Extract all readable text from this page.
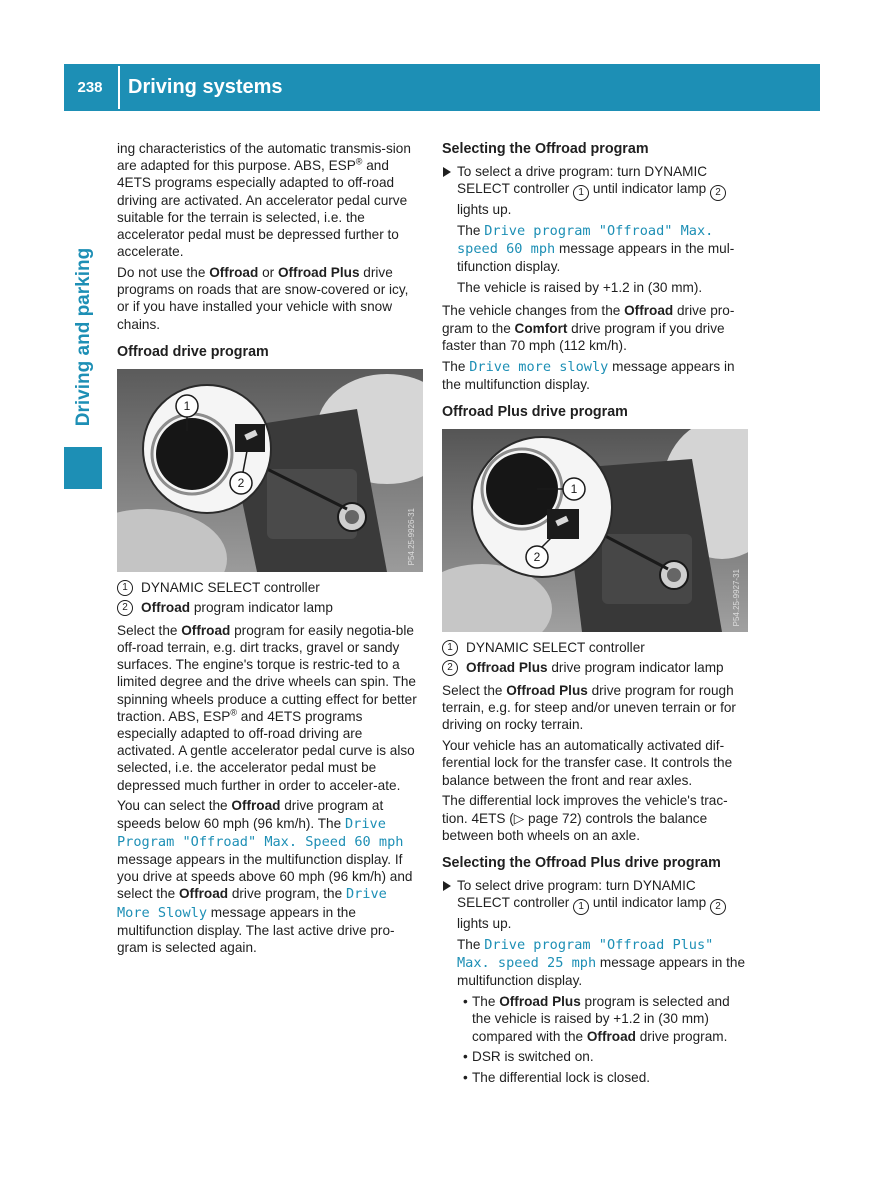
238	Driving systems
Driving and parking

ing characteristics of the automatic transmis-sion are adapted for this purpose. ABS, ESP® and 4ETS programs especially adapted to off-road driving are activated. An accelerator pedal curve suitable for the terrain is selected, i.e. the accelerator pedal must be depressed further to accelerate.

Do not use the Offroad or Offroad Plus drive programs on roads that are snow-covered or icy, or if you have installed your vehicle with snow chains.

Offroad drive program
1
2
P54.25-9926-31
1 DYNAMIC SELECT controller
2 Offroad program indicator lamp

Select the Offroad program for easily negotia-ble off-road terrain, e.g. dirt tracks, gravel or sandy surfaces. The engine's torque is restric-ted to a limited degree and the drive wheels can spin. The spinning wheels produce a cutting effect for better traction. ABS, ESP® and 4ETS programs especially adapted to off-road driving are activated. A gentle accelerator pedal curve is also selected, i.e. the accelerator pedal must be depressed much further in order to acceler-ate.

You can select the Offroad drive program at speeds below 60 mph (96 km/h). The Drive Program "Offroad" Max. Speed 60 mph message appears in the multifunction display. If you drive at speeds above 60 mph (96 km/h) and select the Offroad drive program, the Drive More Slowly message appears in the multifunction display. The last active drive pro-gram is selected again.

Selecting the Offroad program
To select a drive program: turn DYNAMIC SELECT controller 1 until indicator lamp 2 lights up.

The Drive program "Offroad" Max. speed 60 mph message appears in the mul-tifunction display.

The vehicle is raised by +1.2 in (30 mm).

The vehicle changes from the Offroad drive pro-gram to the Comfort drive program if you drive faster than 70 mph (112 km/h).

The Drive more slowly message appears in the multifunction display.

Offroad Plus drive program
1
2
P54.25-9927-31
1 DYNAMIC SELECT controller
2 Offroad Plus drive program indicator lamp

Select the Offroad Plus drive program for rough terrain, e.g. for steep and/or uneven terrain or for driving on rocky terrain.

Your vehicle has an automatically activated dif-ferential lock for the transfer case. It controls the balance between the front and rear axles.

The differential lock improves the vehicle's trac-tion. 4ETS (▷ page 72) controls the balance between both wheels on an axle.

Selecting the Offroad Plus drive program
To select drive program: turn DYNAMIC SELECT controller 1 until indicator lamp 2 lights up.

The Drive program "Offroad Plus" Max. speed 25 mph message appears in the multifunction display.

• The Offroad Plus program is selected and the vehicle is raised by +1.2 in (30 mm) compared with the Offroad drive program.
• DSR is switched on.
• The differential lock is closed.
